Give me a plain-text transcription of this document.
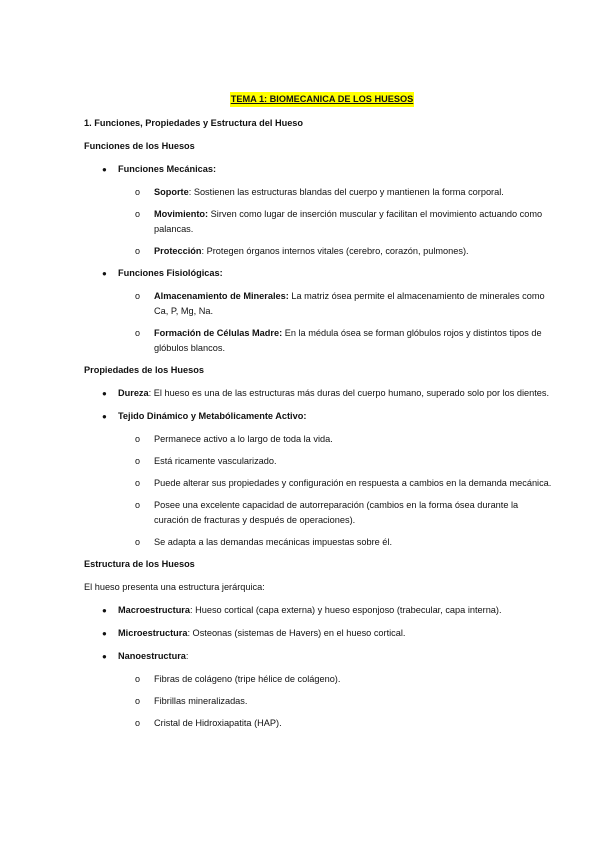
TEMA 1: BIOMECANICA DE LOS HUESOS

1. Funciones, Propiedades y Estructura del Hueso

Funciones de los Huesos

● Funciones Mecánicas:
o Soporte: Sostienen las estructuras blandas del cuerpo y mantienen la forma corporal.
o Movimiento: Sirven como lugar de inserción muscular y facilitan el movimiento actuando como palancas.
o Protección: Protegen órganos internos vitales (cerebro, corazón, pulmones).
● Funciones Fisiológicas:
o Almacenamiento de Minerales: La matriz ósea permite el almacenamiento de minerales como Ca, P, Mg, Na.
o Formación de Células Madre: En la médula ósea se forman glóbulos rojos y distintos tipos de glóbulos blancos.

Propiedades de los Huesos

● Dureza: El hueso es una de las estructuras más duras del cuerpo humano, superado solo por los dientes.
● Tejido Dinámico y Metabólicamente Activo:
o Permanece activo a lo largo de toda la vida.
o Está ricamente vascularizado.
o Puede alterar sus propiedades y configuración en respuesta a cambios en la demanda mecánica.
o Posee una excelente capacidad de autorreparación (cambios en la forma ósea durante la curación de fracturas y después de operaciones).
o Se adapta a las demandas mecánicas impuestas sobre él.

Estructura de los Huesos

El hueso presenta una estructura jerárquica:

● Macroestructura: Hueso cortical (capa externa) y hueso esponjoso (trabecular, capa interna).
● Microestructura: Osteonas (sistemas de Havers) en el hueso cortical.
● Nanoestructura:
o Fibras de colágeno (tripe hélice de colágeno).
o Fibrillas mineralizadas.
o Cristal de Hidroxiapatita (HAP).
